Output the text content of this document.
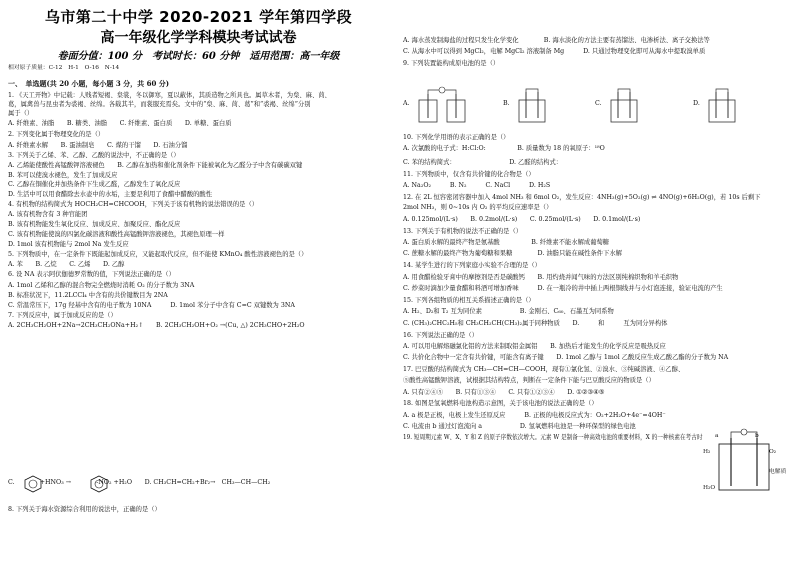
乌市第二十中学 2020-2021 学年第四学段
高一年级化学学科模块考试试卷
卷面分值：100 分　考试时长：60 分钟　适用范围：高一年级
相对原子质量：C-12　H-1　O-16　N-14
一、　单选题(共 20 小题，每小题 3 分，共 60 分)
1. 《天工开物》中记载：人贱者短褐、枲裳，冬以御寒，夏以蔽体，其质造物之所具也。属草木者，为枲、麻、苘、
葛，属禽兽与昆虫者为裘褐、丝绵。各载其半，而裳服充焉矣。文中的“枲、麻、苘、葛”和“裘褐、丝绵”分别
属于（）
A. 纤维素、油脂　　B. 糖类、油脂　　C. 纤维素、蛋白质　　D. 单糖、蛋白质
2. 下列变化属于物理变化的是（）
A. 纤维素水解　　B. 蛋油制皂　　C. 煤的干馏　　D. 石油分馏
3. 下列关于乙烯、苯、乙醇、乙酸的说法中，不正确的是（）
A. 乙烯能使酸性高锰酸钾溶液褪色　　B. 乙醇在加热和催化剂条件下能被氧化为乙醛分子中含有碳碳双键
B. 苯可以使溴水褪色，发生了加成反应
C. 乙醇在铜催化并加热条件下生成乙醛，乙醇发生了氧化反应
D. 生活中可以用食醋除去水壶中的水垢，主要是利用了食醋中醋酸的酸性
4. 有机物的结构简式为 HOCH₂CH=CHCOOH，下列关于该有机物的说法错误的是（）
A. 该有机物含有 3 种官能团
B. 该有机物能发生氧化反应、加成反应、加聚反应、酯化反应
C. 该有机物能使溴的四氯化碳溶液和酸性高锰酸钾溶液褪色，其褪色原理一样
D. 1mol 该有机物能与 2mol Na 发生反应
5. 下列物质中，在一定条件下既能起加成反应，又能起取代反应，但不能使 KMnO₄ 酸性溶液褪色的是（）
A. 苯　　B. 乙烷　　C. 乙烯　　D. 乙醇
6. 设 NA 表示阿伏伽德罗常数的值，下列说法正确的是（）
A. 1mol 乙烯和乙醇的混合物完全燃烧时消耗 O₂ 的分子数为 3NA
B. 标准状况下，11.2LCCl₄ 中含有的共价键数目为 2NA
C. 常温常压下，17g 羟基中含有的电子数为 10NA　　　D. 1mol 苯分子中含有 C=C 双键数为 3NA
7. 下列反应中，属于加成反应的是（）
A. 2CH₃CH₂OH+2Na→2CH₃CH₂ONa+H₂↑　　B. 2CH₃CH₂OH+O₂ →(Cu, △) 2CH₃CHO+2H₂O
C.　　　　+HNO₃ →　　　　-NO₂ +H₂O　　D. CH₃CH=CH₂+Br₂→　CH₃—CH—CH₂
8. 下列关于海水资源综合利用的说法中，正确的是（）
A. 海水蒸发制海盐的过程只发生化学变化　　　　B. 海水淡化的方法主要有蒸馏法、电渗析法、离子交换法等
C. 从海水中可以得到 MgCl₂，电解 MgCl₂ 溶液制备 Mg　　　D. 只通过物理变化即可从海水中提取溴单质
9. 下列装置能构成原电池的是（）
10. 下列化学用语的表示正确的是（）
A. 次氯酸的电子式：H:Cl:O:　　　　　B. 质量数为 18 的氧原子：¹⁸O
C. 苯的结构简式：　　　　　　　　　D. 乙醛的结构式：
11. 下列物质中，仅含有共价键的化合物是（）
A. Na₂O₂　　　B. N₂　　　C. NaCl　　　D. H₂S
12. 在 2L 恒容密闭容器中加入 4mol NH₃ 和 6mol O₂，发生反应：4NH₃(g)+5O₂(g) ⇌ 4NO(g)+6H₂O(g)，若 10s 后剩下
2mol NH₃，则 0~10s 内 O₂ 的平均反应速率是（）
A. 0.125mol/(L·s)　　B. 0.2mol/(L·s)　　C. 0.25mol/(L·s)　　D. 0.1mol/(L·s)
13. 下列关于有机物的说法不正确的是（）
A. 蛋白质水解的最终产物是氨基酸　　　　　B. 纤维素不能水解成葡萄糖
C. 蔗糖水解的最终产物为葡萄糖和果糖　　　　D. 油脂只能在碱性条件下水解
14. 某学生进行的下列家庭小实验不合理的是（）
A. 用食醋检验牙膏中的摩擦剂是否是碳酸钙　　B. 用灼烧并闻气味的方法区别纯棉织物和羊毛织物
C. 炒菜时滴加少量食醋和料酒可增加香味　　　D. 在一瓶冷的井中插上两根铜线并与小灯泡连接，验证电流的产生
15. 下列各组物质的相互关系描述正确的是（）
A. H₂、D₂和 T₂ 互为同位素　　　　　　B. 金刚石、C₆₀、石墨互为同系物
C. (CH₃)₂CHC₂H₅和 CH₃CH₂CH(CH₃)₂属于同种物质　　D.　　　和　　　互为同分异构体
16. 下列说法正确的是（）
A. 可以用电解熔融氯化铝的方法来制取铝金属铝　　B. 加热后才能发生的化学反应是吸热反应
C. 共价化合物中一定含有共价键，可能含有离子键　　D. 1mol 乙醇与 1mol 乙酸反应生成乙酸乙酯的分子数为 NA
17. 巴豆酸的结构简式为 CH₃—CH=CH—COOH，现有①氯化氢、②溴水、③纯碱溶液、④乙醇、
⑤酸性高锰酸钾溶液，试根据其结构特点，判断在一定条件下能与巴豆酸反应的物质是（）
A. 只有②④⑤　　B. 只有①③④　　C. 只有①②③④　　D. ①②③④⑤
18. 如图是氢氧燃料电池构造示意图，关于该电池的说法正确的是（）
A. a 极是正极，电极上发生还原反应　　　B. 正极的电极反应式为：O₂+2H₂O+4e⁻=4OH⁻
C. 电流由 b 通过灯泡流向 a　　　　　　D. 氢氧燃料电池是一种环保型的绿色电池
19. 短周期元素 W、X、Y 和 Z 的原子序数依次增大。元素 W 是制备一种高效电池的重要材料，X 的一种核素在考古时
A.	B.	C.	D.
a	b
H₂	O₂
电解质
H₂O
